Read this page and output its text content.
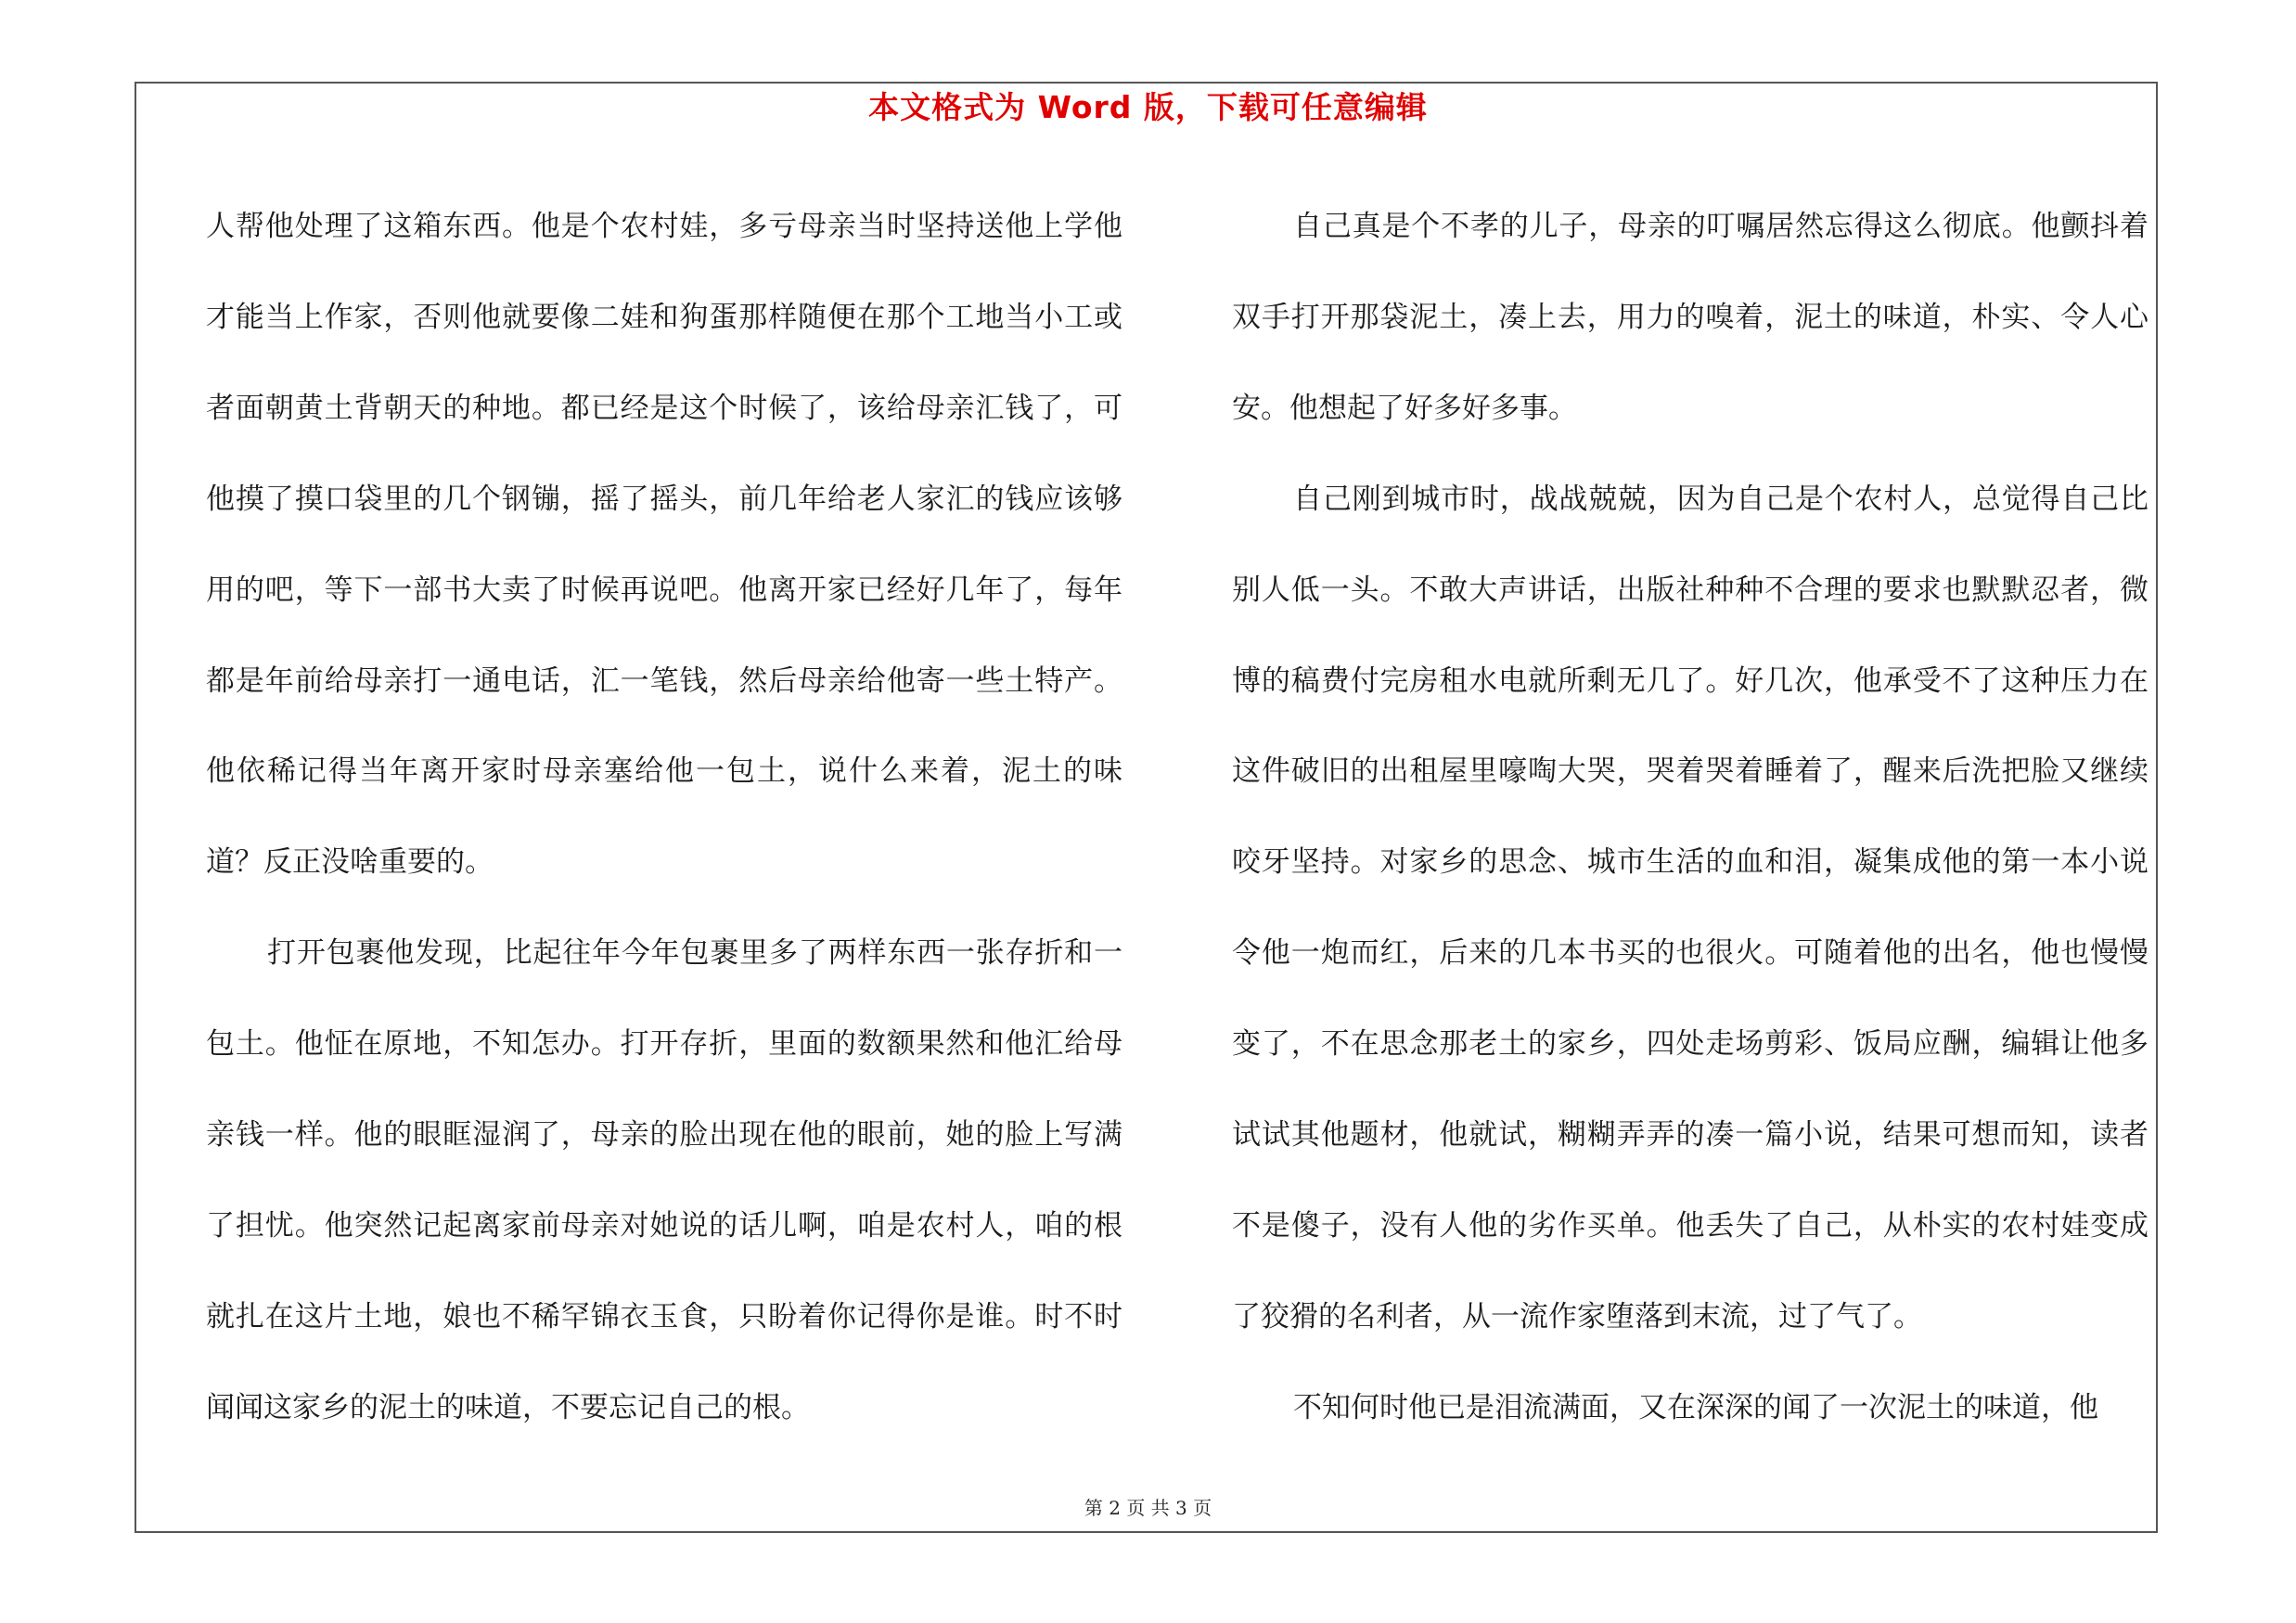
本文格式为 Word 版，下载可任意编辑

人帮他处理了这箱东西。他是个农村娃，多亏母亲当时坚持送他上学他才能当上作家，否则他就要像二娃和狗蛋那样随便在那个工地当小工或者面朝黄土背朝天的种地。都已经是这个时候了，该给母亲汇钱了，可他摸了摸口袋里的几个钢镚，摇了摇头，前几年给老人家汇的钱应该够用的吧，等下一部书大卖了时候再说吧。他离开家已经好几年了，每年都是年前给母亲打一通电话，汇一笔钱，然后母亲给他寄一些土特产。他依稀记得当年离开家时母亲塞给他一包土，说什么来着，泥土的味道？反正没啥重要的。

打开包裹他发现，比起往年今年包裹里多了两样东西一张存折和一包土。他怔在原地，不知怎办。打开存折，里面的数额果然和他汇给母亲钱一样。他的眼眶湿润了，母亲的脸出现在他的眼前，她的脸上写满了担忧。他突然记起离家前母亲对她说的话儿啊，咱是农村人，咱的根就扎在这片土地，娘也不稀罕锦衣玉食，只盼着你记得你是谁。时不时闻闻这家乡的泥土的味道，不要忘记自己的根。

自己真是个不孝的儿子，母亲的叮嘱居然忘得这么彻底。他颤抖着双手打开那袋泥土，凑上去，用力的嗅着，泥土的味道，朴实、令人心安。他想起了好多好多事。

自己刚到城市时，战战兢兢，因为自己是个农村人，总觉得自己比别人低一头。不敢大声讲话，出版社种种不合理的要求也默默忍者，微博的稿费付完房租水电就所剩无几了。好几次，他承受不了这种压力在这件破旧的出租屋里嚎啕大哭，哭着哭着睡着了，醒来后洗把脸又继续咬牙坚持。对家乡的思念、城市生活的血和泪，凝集成他的第一本小说令他一炮而红，后来的几本书买的也很火。可随着他的出名，他也慢慢变了，不在思念那老土的家乡，四处走场剪彩、饭局应酬，编辑让他多试试其他题材，他就试，糊糊弄弄的凑一篇小说，结果可想而知，读者不是傻子，没有人他的劣作买单。他丢失了自己，从朴实的农村娃变成了狡猾的名利者，从一流作家堕落到末流，过了气了。

不知何时他已是泪流满面，又在深深的闻了一次泥土的味道，他

第 2 页 共 3 页
